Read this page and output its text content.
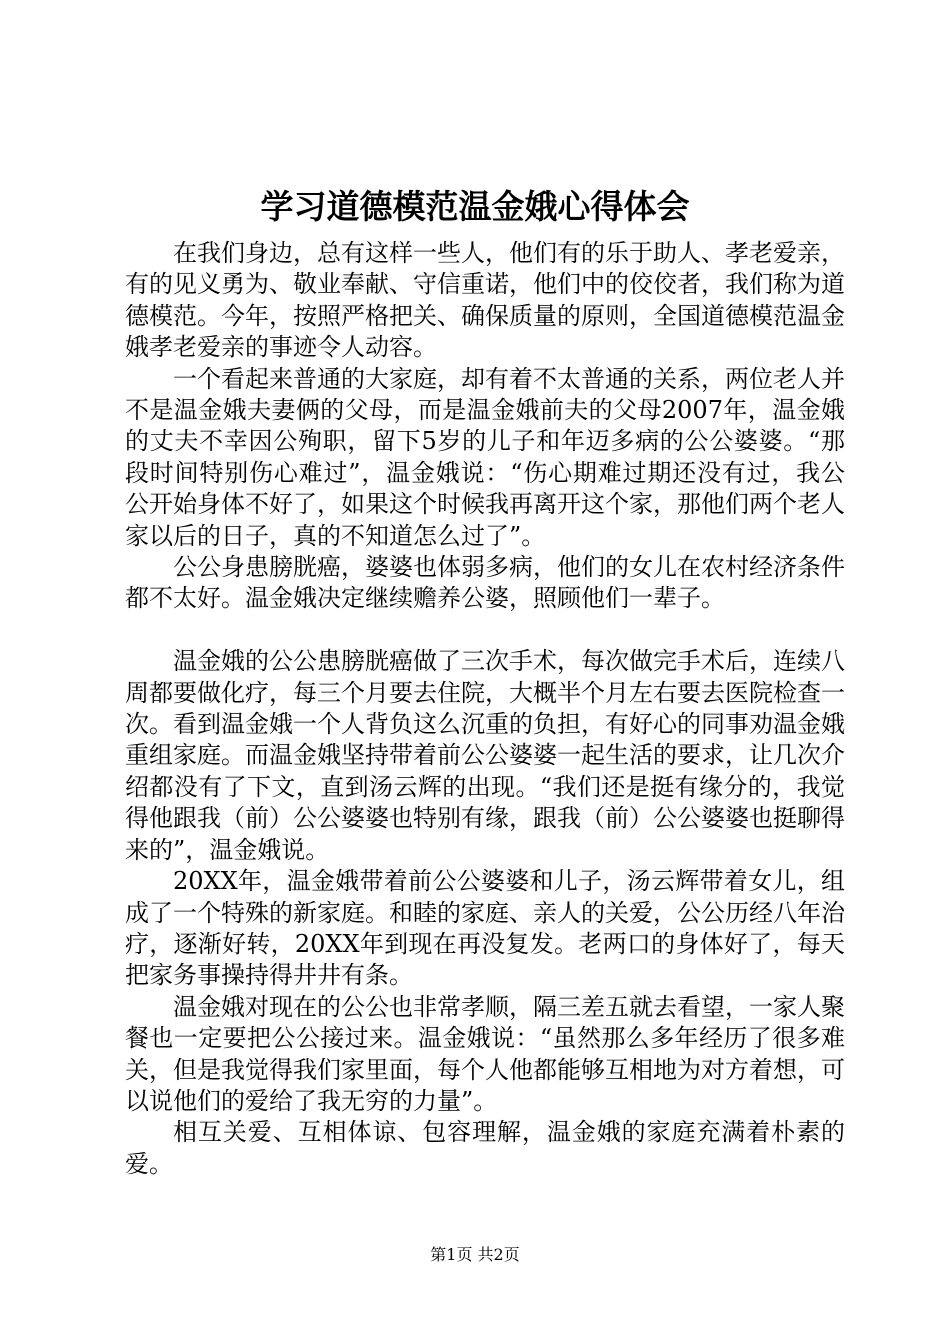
学习道德模范温金娥心得体会

在我们身边，总有这样一些人，他们有的乐于助人、孝老爱亲，有的见义勇为、敬业奉献、守信重诺，他们中的佼佼者，我们称为道德模范。今年，按照严格把关、确保质量的原则，全国道德模范温金娥孝老爱亲的事迹令人动容。

一个看起来普通的大家庭，却有着不太普通的关系，两位老人并不是温金娥夫妻俩的父母，而是温金娥前夫的父母2007年，温金娥的丈夫不幸因公殉职，留下5岁的儿子和年迈多病的公公婆婆。“那段时间特别伤心难过”，温金娥说：“伤心期难过期还没有过，我公公开始身体不好了，如果这个时候我再离开这个家，那他们两个老人家以后的日子，真的不知道怎么过了”。

公公身患膀胱癌，婆婆也体弱多病，他们的女儿在农村经济条件都不太好。温金娥决定继续赡养公婆，照顾他们一辈子。

温金娥的公公患膀胱癌做了三次手术，每次做完手术后，连续八周都要做化疗，每三个月要去住院，大概半个月左右要去医院检查一次。看到温金娥一个人背负这么沉重的负担，有好心的同事劝温金娥重组家庭。而温金娥坚持带着前公公婆婆一起生活的要求，让几次介绍都没有了下文，直到汤云辉的出现。“我们还是挺有缘分的，我觉得他跟我（前）公公婆婆也特别有缘，跟我（前）公公婆婆也挺聊得来的”，温金娥说。

20XX年，温金娥带着前公公婆婆和儿子，汤云辉带着女儿，组成了一个特殊的新家庭。和睦的家庭、亲人的关爱，公公历经八年治疗，逐渐好转，20XX年到现在再没复发。老两口的身体好了，每天把家务事操持得井井有条。

温金娥对现在的公公也非常孝顺，隔三差五就去看望，一家人聚餐也一定要把公公接过来。温金娥说：“虽然那么多年经历了很多难关，但是我觉得我们家里面，每个人他都能够互相地为对方着想，可以说他们的爱给了我无穷的力量”。

相互关爱、互相体谅、包容理解，温金娥的家庭充满着朴素的爱。

第1页 共2页
